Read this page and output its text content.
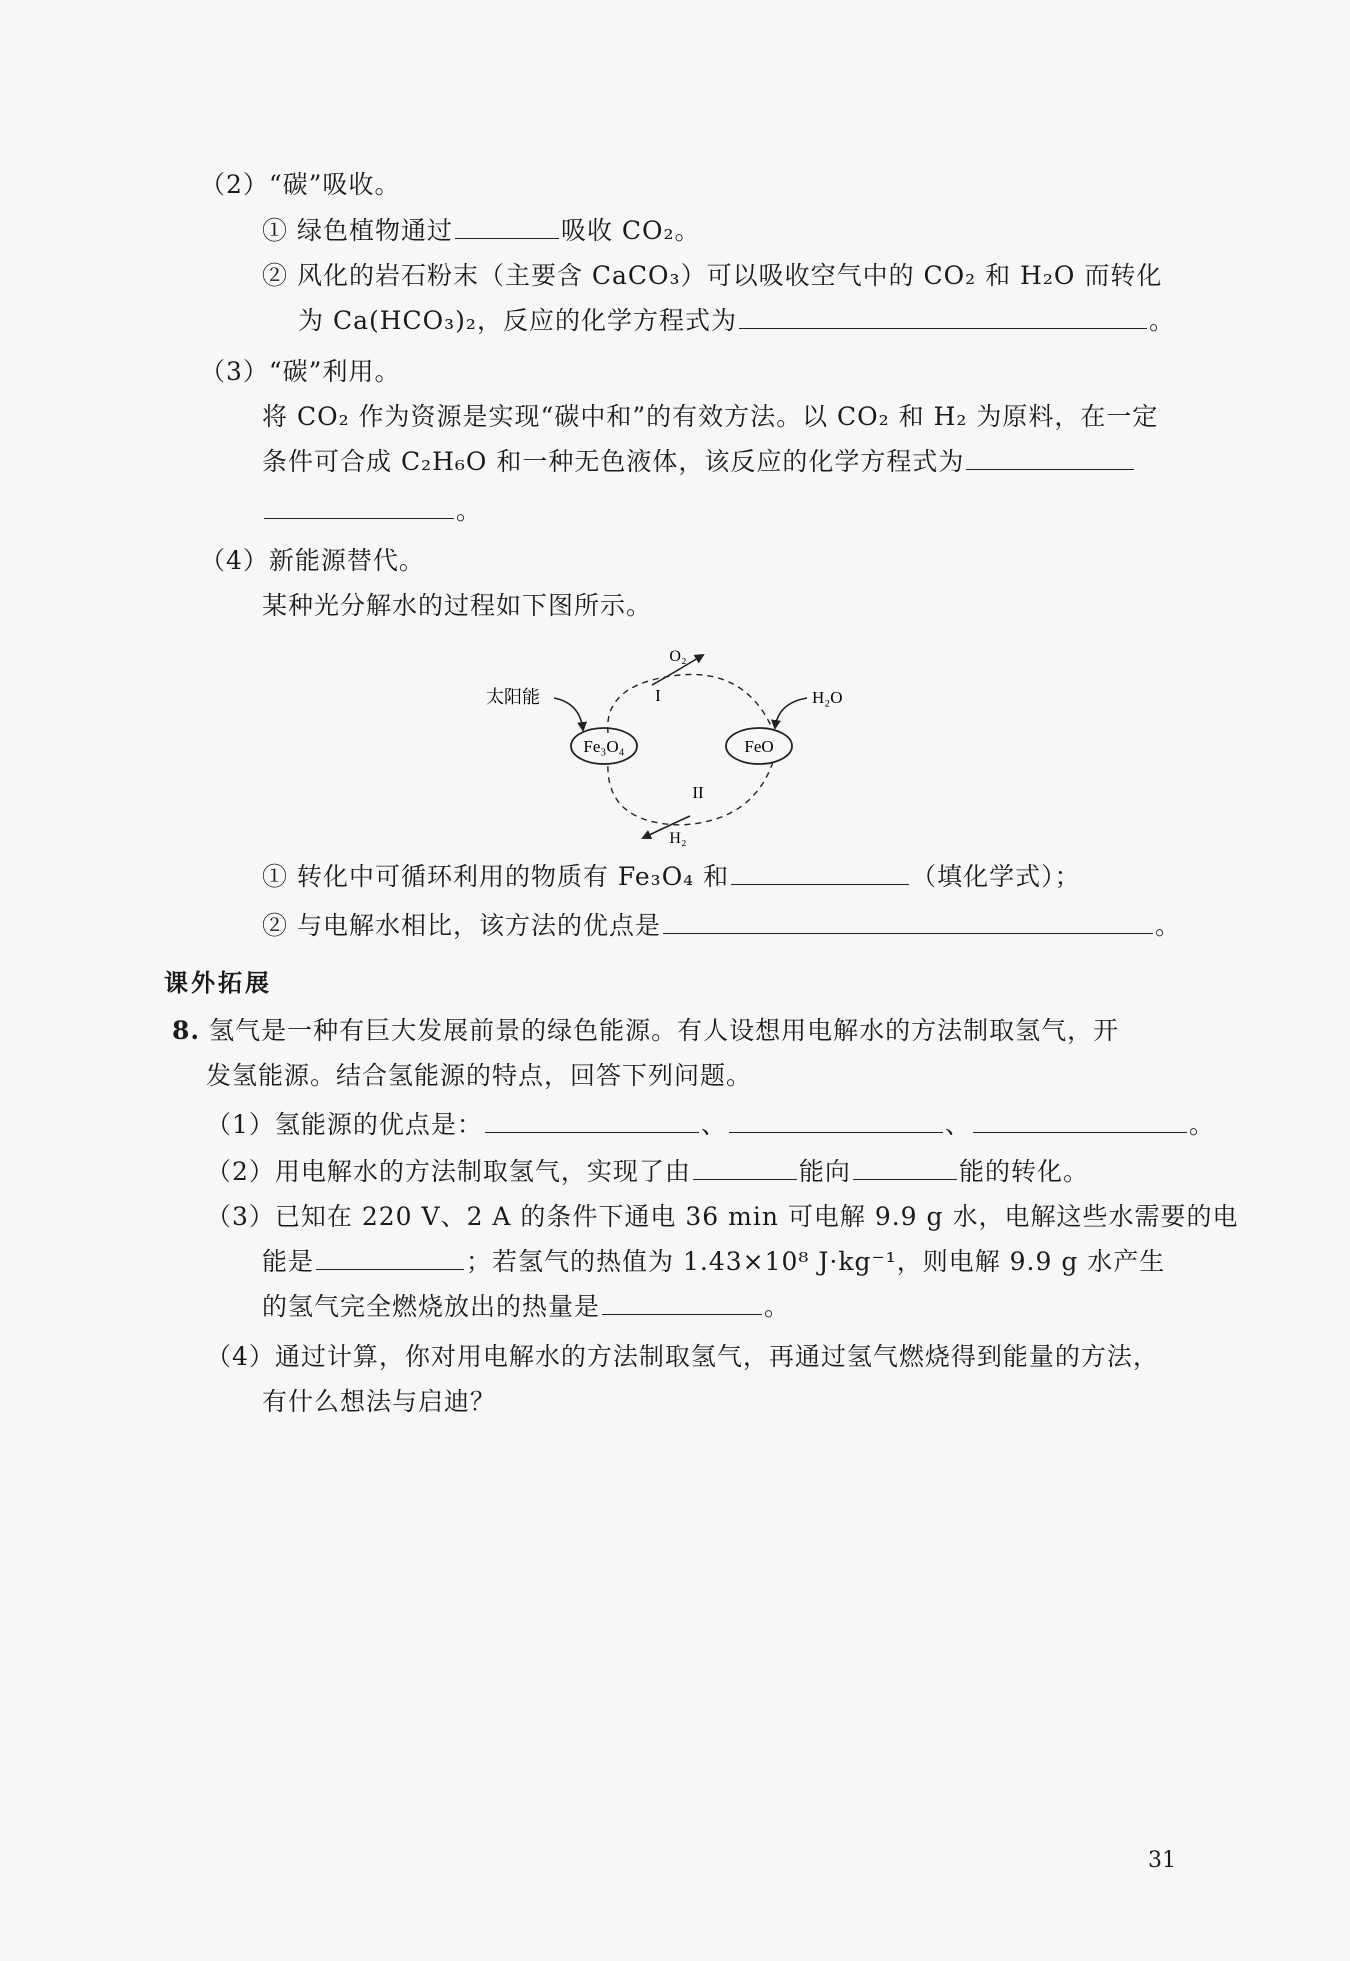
（2）“碳”吸收。
① 绿色植物通过	吸收 CO₂。
② 风化的岩石粉末（主要含 CaCO₃）可以吸收空气中的 CO₂ 和 H₂O 而转化
为 Ca(HCO₃)₂，反应的化学方程式为	。
（3）“碳”利用。
将 CO₂ 作为资源是实现“碳中和”的有效方法。以 CO₂ 和 H₂ 为原料，在一定
条件可合成 C₂H₆O 和一种无色液体，该反应的化学方程式为
。
（4）新能源替代。
某种光分解水的过程如下图所示。
Fe₃O₄	FeO
太阳能
O₂
H₂O
H₂
I
II
① 转化中可循环利用的物质有 Fe₃O₄ 和	（填化学式）；
② 与电解水相比，该方法的优点是	。
课外拓展
8. 氢气是一种有巨大发展前景的绿色能源。有人设想用电解水的方法制取氢气，开
发氢能源。结合氢能源的特点，回答下列问题。
（1）氢能源的优点是：	、	、	。
（2）用电解水的方法制取氢气，实现了由	能向	能的转化。
（3）已知在 220 V、2 A 的条件下通电 36 min 可电解 9.9 g 水，电解这些水需要的电
能是	；若氢气的热值为 1.43×10⁸ J·kg⁻¹，则电解 9.9 g 水产生
的氢气完全燃烧放出的热量是	。
（4）通过计算，你对用电解水的方法制取氢气，再通过氢气燃烧得到能量的方法，
有什么想法与启迪？
31
